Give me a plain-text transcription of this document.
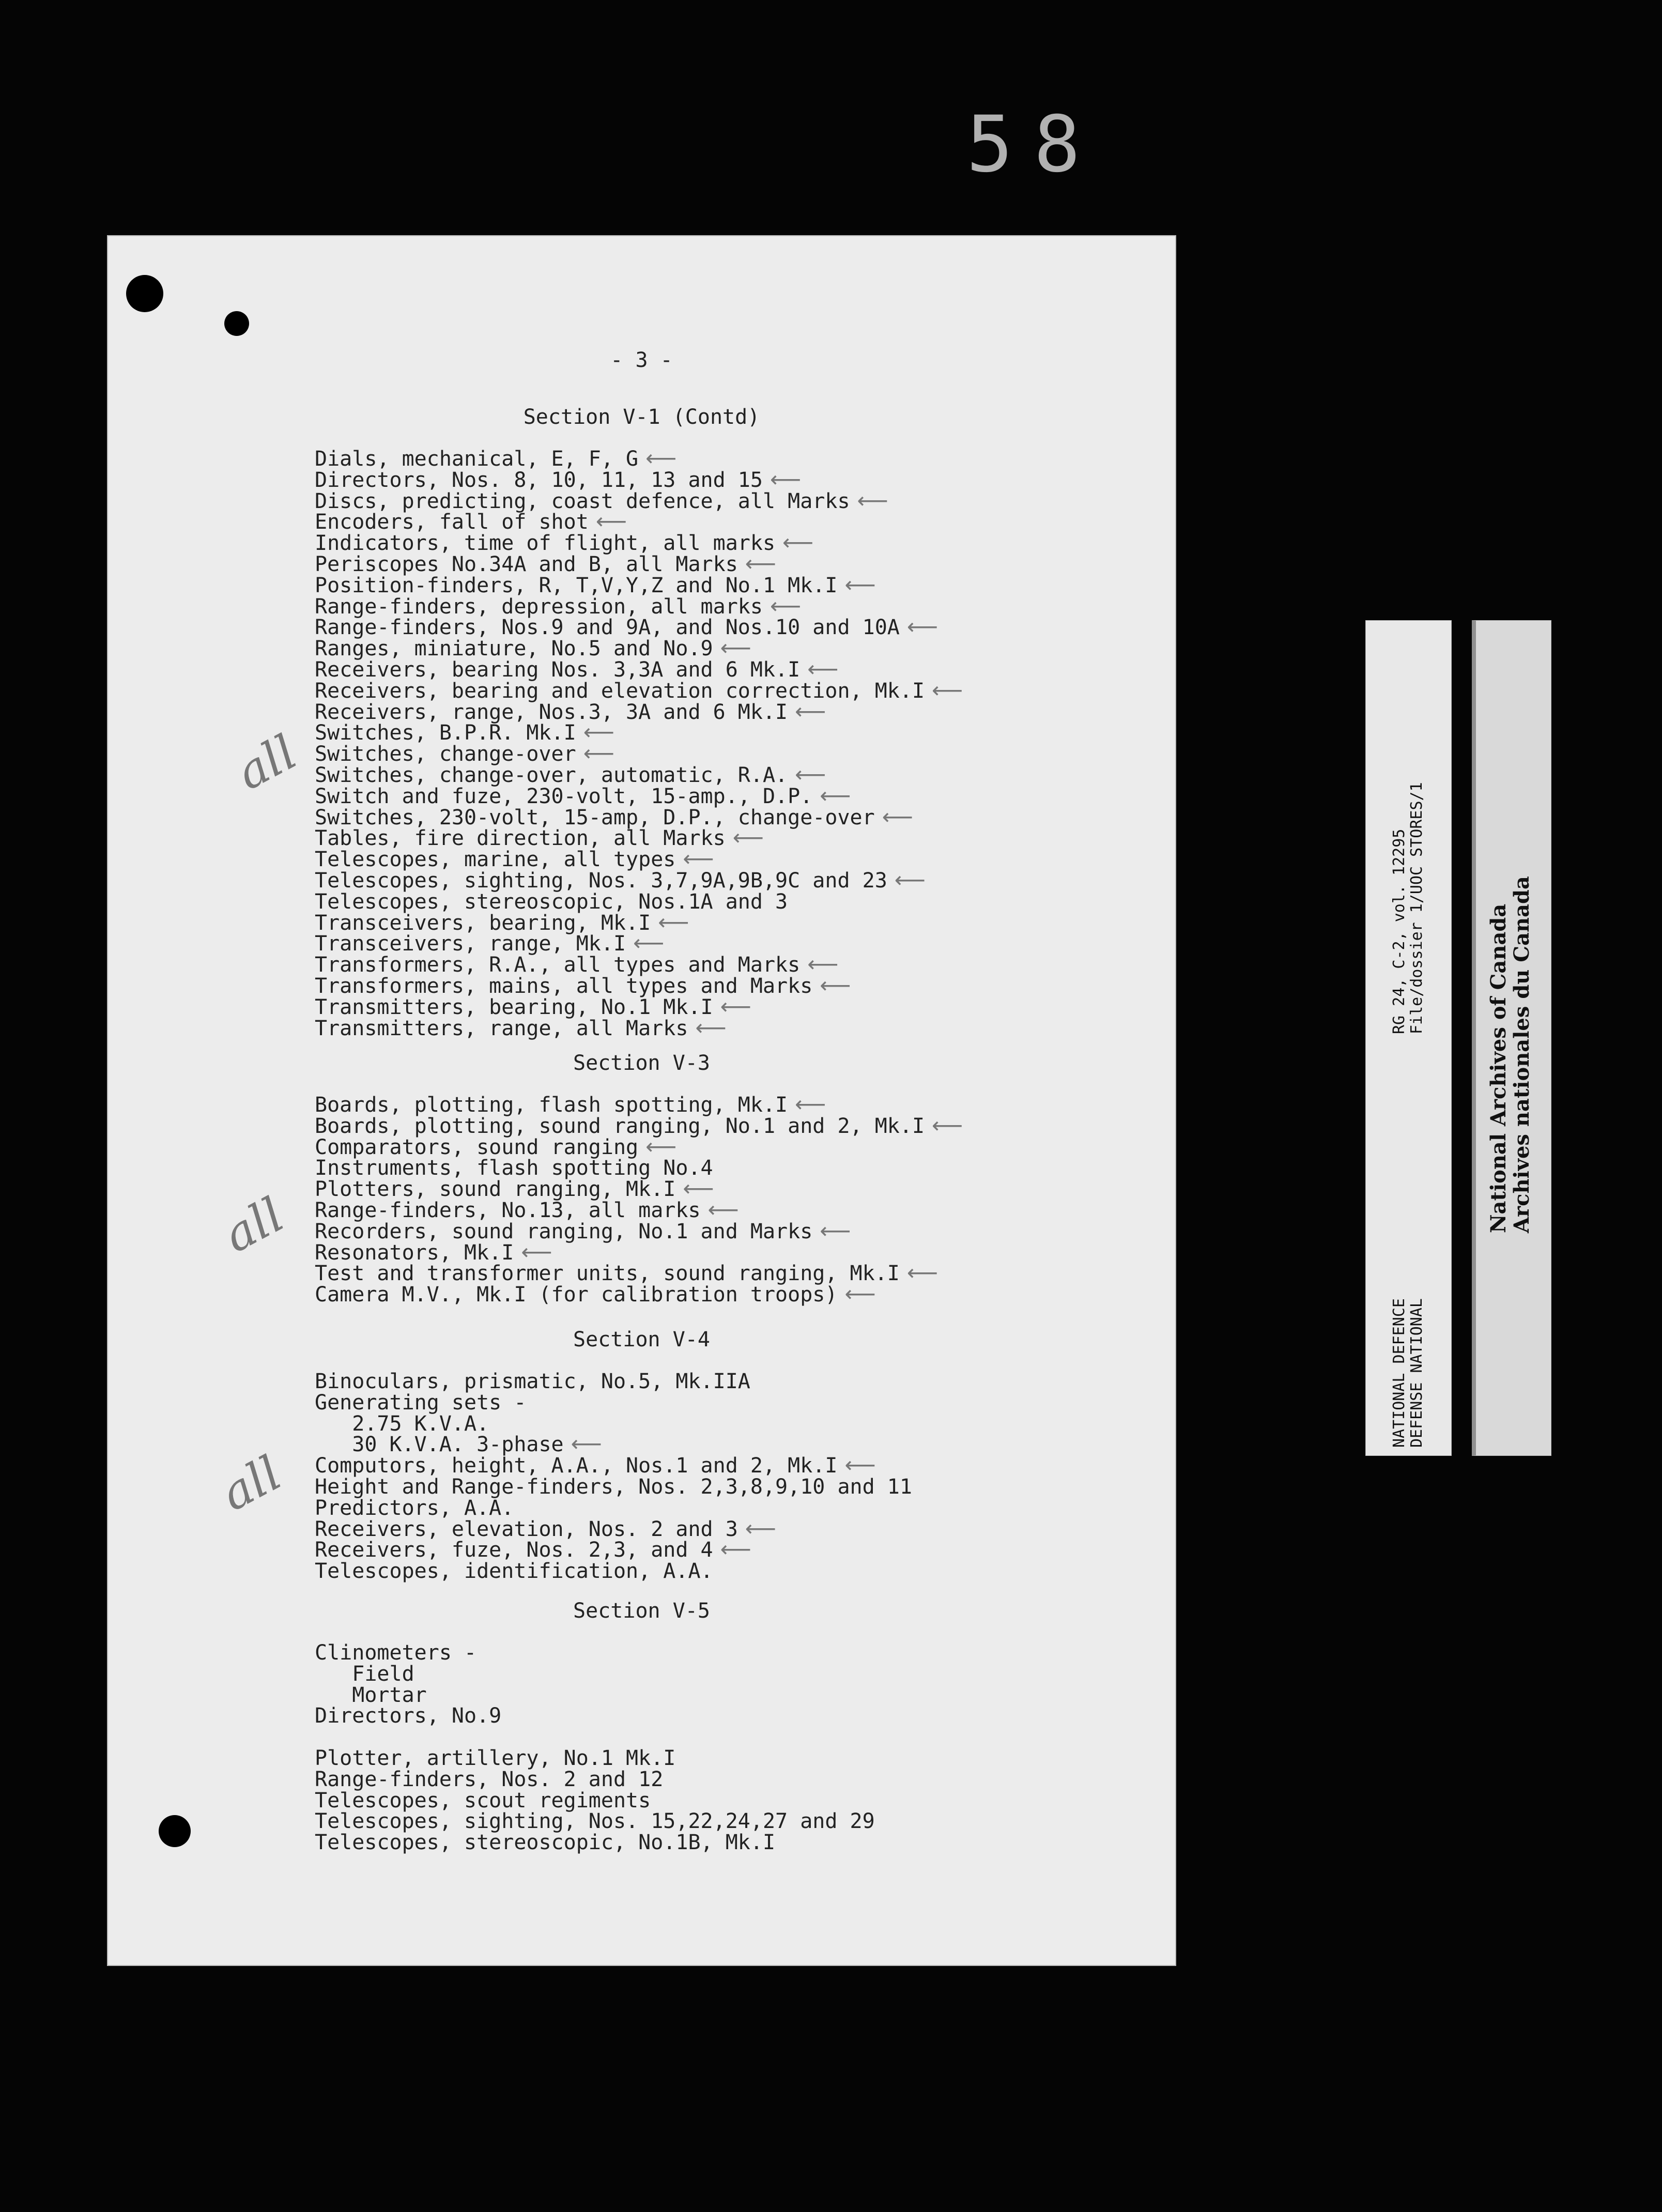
58
- 3 -
Section V-1 (Contd)
Dials, mechanical, E, F, G ⟵
Directors, Nos. 8, 10, 11, 13 and 15 ⟵
Discs, predicting, coast defence, all Marks ⟵
Encoders, fall of shot ⟵
Indicators, time of flight, all marks ⟵
Periscopes No.34A and B, all Marks ⟵
Position-finders, R, T,V,Y,Z and No.1 Mk.I ⟵
Range-finders, depression, all marks ⟵
Range-finders, Nos.9 and 9A, and Nos.10 and 10A ⟵
Ranges, miniature, No.5 and No.9 ⟵
Receivers, bearing Nos. 3,3A and 6 Mk.I ⟵
Receivers, bearing and elevation correction, Mk.I ⟵
Receivers, range, Nos.3, 3A and 6 Mk.I ⟵
Switches, B.P.R. Mk.I ⟵
Switches, change-over ⟵
Switches, change-over, automatic, R.A. ⟵
Switch and fuze, 230-volt, 15-amp., D.P. ⟵
Switches, 230-volt, 15-amp, D.P., change-over ⟵
Tables, fire direction, all Marks ⟵
Telescopes, marine, all types ⟵
Telescopes, sighting, Nos. 3,7,9A,9B,9C and 23 ⟵
Telescopes, stereoscopic, Nos.1A and 3
Transceivers, bearing, Mk.I ⟵
Transceivers, range, Mk.I ⟵
Transformers, R.A., all types and Marks ⟵
Transformers, mains, all types and Marks ⟵
Transmitters, bearing, No.1 Mk.I ⟵
Transmitters, range, all Marks ⟵
Section V-3
Boards, plotting, flash spotting, Mk.I ⟵
Boards, plotting, sound ranging, No.1 and 2, Mk.I ⟵
Comparators, sound ranging ⟵
Instruments, flash spotting No.4
Plotters, sound ranging, Mk.I ⟵
Range-finders, No.13, all marks ⟵
Recorders, sound ranging, No.1 and Marks ⟵
Resonators, Mk.I ⟵
Test and transformer units, sound ranging, Mk.I ⟵
Camera M.V., Mk.I (for calibration troops) ⟵
Section V-4
Binoculars, prismatic, No.5, Mk.IIA
Generating sets -
2.75 K.V.A.
30 K.V.A. 3-phase ⟵
Computors, height, A.A., Nos.1 and 2, Mk.I ⟵
Height and Range-finders, Nos. 2,3,8,9,10 and 11
Predictors, A.A.
Receivers, elevation, Nos. 2 and 3 ⟵
Receivers, fuze, Nos. 2,3, and 4 ⟵
Telescopes, identification, A.A.
Section V-5
Clinometers -
Field
Mortar
Directors, No.9
Plotter, artillery, No.1 Mk.I
Range-finders, Nos. 2 and 12
Telescopes, scout regiments
Telescopes, sighting, Nos. 15,22,24,27 and 29
Telescopes, stereoscopic, No.1B, Mk.I
all
all
all
RG 24, C-2, vol. 12295 File/dossier 1/UOC STORES/1
NATIONAL DEFENCE DEFENSE NATIONAL
National Archives of Canada
Archives nationales du Canada
